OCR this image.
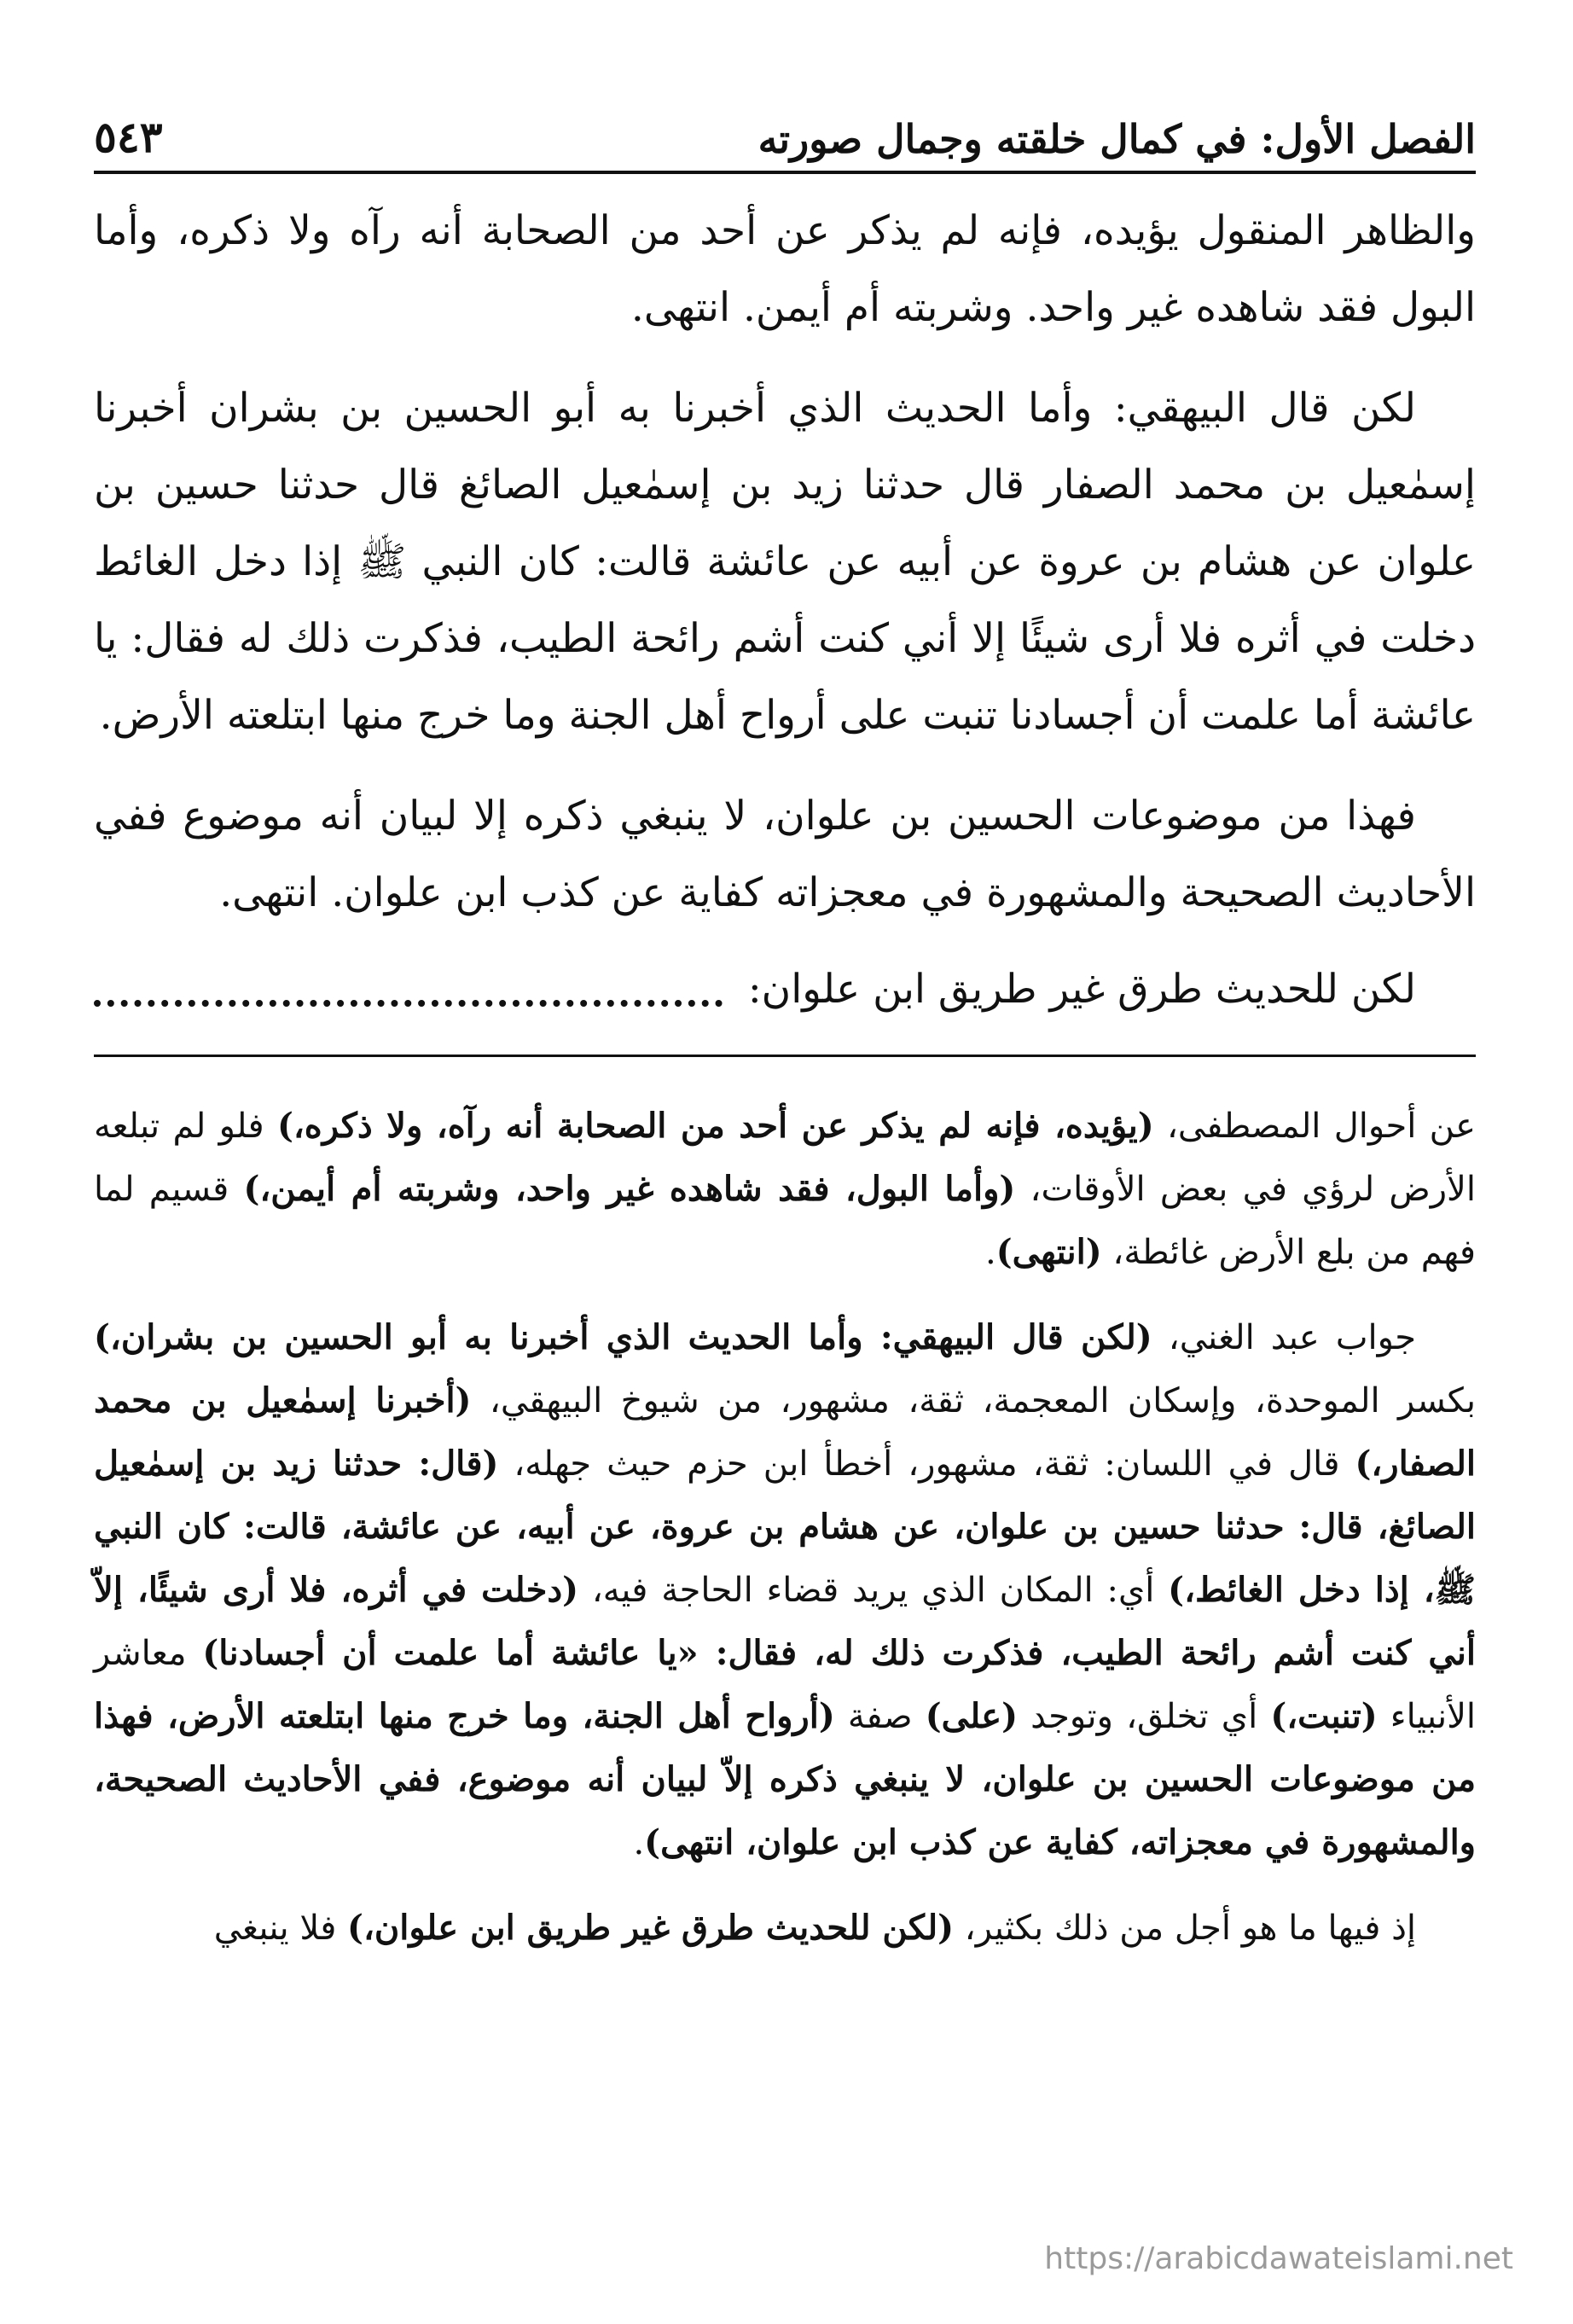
الفصل الأول: في كمال خلقته وجمال صورته
٥٤٣

والظاهر المنقول يؤيده، فإنه لم يذكر عن أحد من الصحابة أنه رآه ولا ذكره، وأما البول فقد شاهده غير واحد. وشربته أم أيمن. انتهى.

لكن قال البيهقي: وأما الحديث الذي أخبرنا به أبو الحسين بن بشران أخبرنا إسمٰعيل بن محمد الصفار قال حدثنا زيد بن إسمٰعيل الصائغ قال حدثنا حسين بن علوان عن هشام بن عروة عن أبيه عن عائشة قالت: كان النبي ﷺ إذا دخل الغائط دخلت في أثره فلا أرى شيئًا إلا أني كنت أشم رائحة الطيب، فذكرت ذلك له فقال: يا عائشة أما علمت أن أجسادنا تنبت على أرواح أهل الجنة وما خرج منها ابتلعته الأرض.

فهذا من موضوعات الحسين بن علوان، لا ينبغي ذكره إلا لبيان أنه موضوع ففي الأحاديث الصحيحة والمشهورة في معجزاته كفاية عن كذب ابن علوان. انتهى.

لكن للحديث طرق غير طريق ابن علوان:

عن أحوال المصطفى، (يؤيده، فإنه لم يذكر عن أحد من الصحابة أنه رآه، ولا ذكره،) فلو لم تبلعه الأرض لرؤي في بعض الأوقات، (وأما البول، فقد شاهده غير واحد، وشربته أم أيمن،) قسيم لما فهم من بلع الأرض غائطة، (انتهى).

جواب عبد الغني، (لكن قال البيهقي: وأما الحديث الذي أخبرنا به أبو الحسين بن بشران،) بكسر الموحدة، وإسكان المعجمة، ثقة، مشهور، من شيوخ البيهقي، (أخبرنا إسمٰعيل بن محمد الصفار،) قال في اللسان: ثقة، مشهور، أخطأ ابن حزم حيث جهله، (قال: حدثنا زيد بن إسمٰعيل الصائغ، قال: حدثنا حسين بن علوان، عن هشام بن عروة، عن أبيه، عن عائشة، قالت: كان النبي ﷺ، إذا دخل الغائط،) أي: المكان الذي يريد قضاء الحاجة فيه، (دخلت في أثره، فلا أرى شيئًا، إلاّ أني كنت أشم رائحة الطيب، فذكرت ذلك له، فقال: «يا عائشة أما علمت أن أجسادنا) معاشر الأنبياء (تنبت،) أي تخلق، وتوجد (على) صفة (أرواح أهل الجنة، وما خرج منها ابتلعته الأرض، فهذا من موضوعات الحسين بن علوان، لا ينبغي ذكره إلاّ لبيان أنه موضوع، ففي الأحاديث الصحيحة، والمشهورة في معجزاته، كفاية عن كذب ابن علوان، انتهى).

إذ فيها ما هو أجل من ذلك بكثير، (لكن للحديث طرق غير طريق ابن علوان،) فلا ينبغي

https://arabicdawateislami.net
